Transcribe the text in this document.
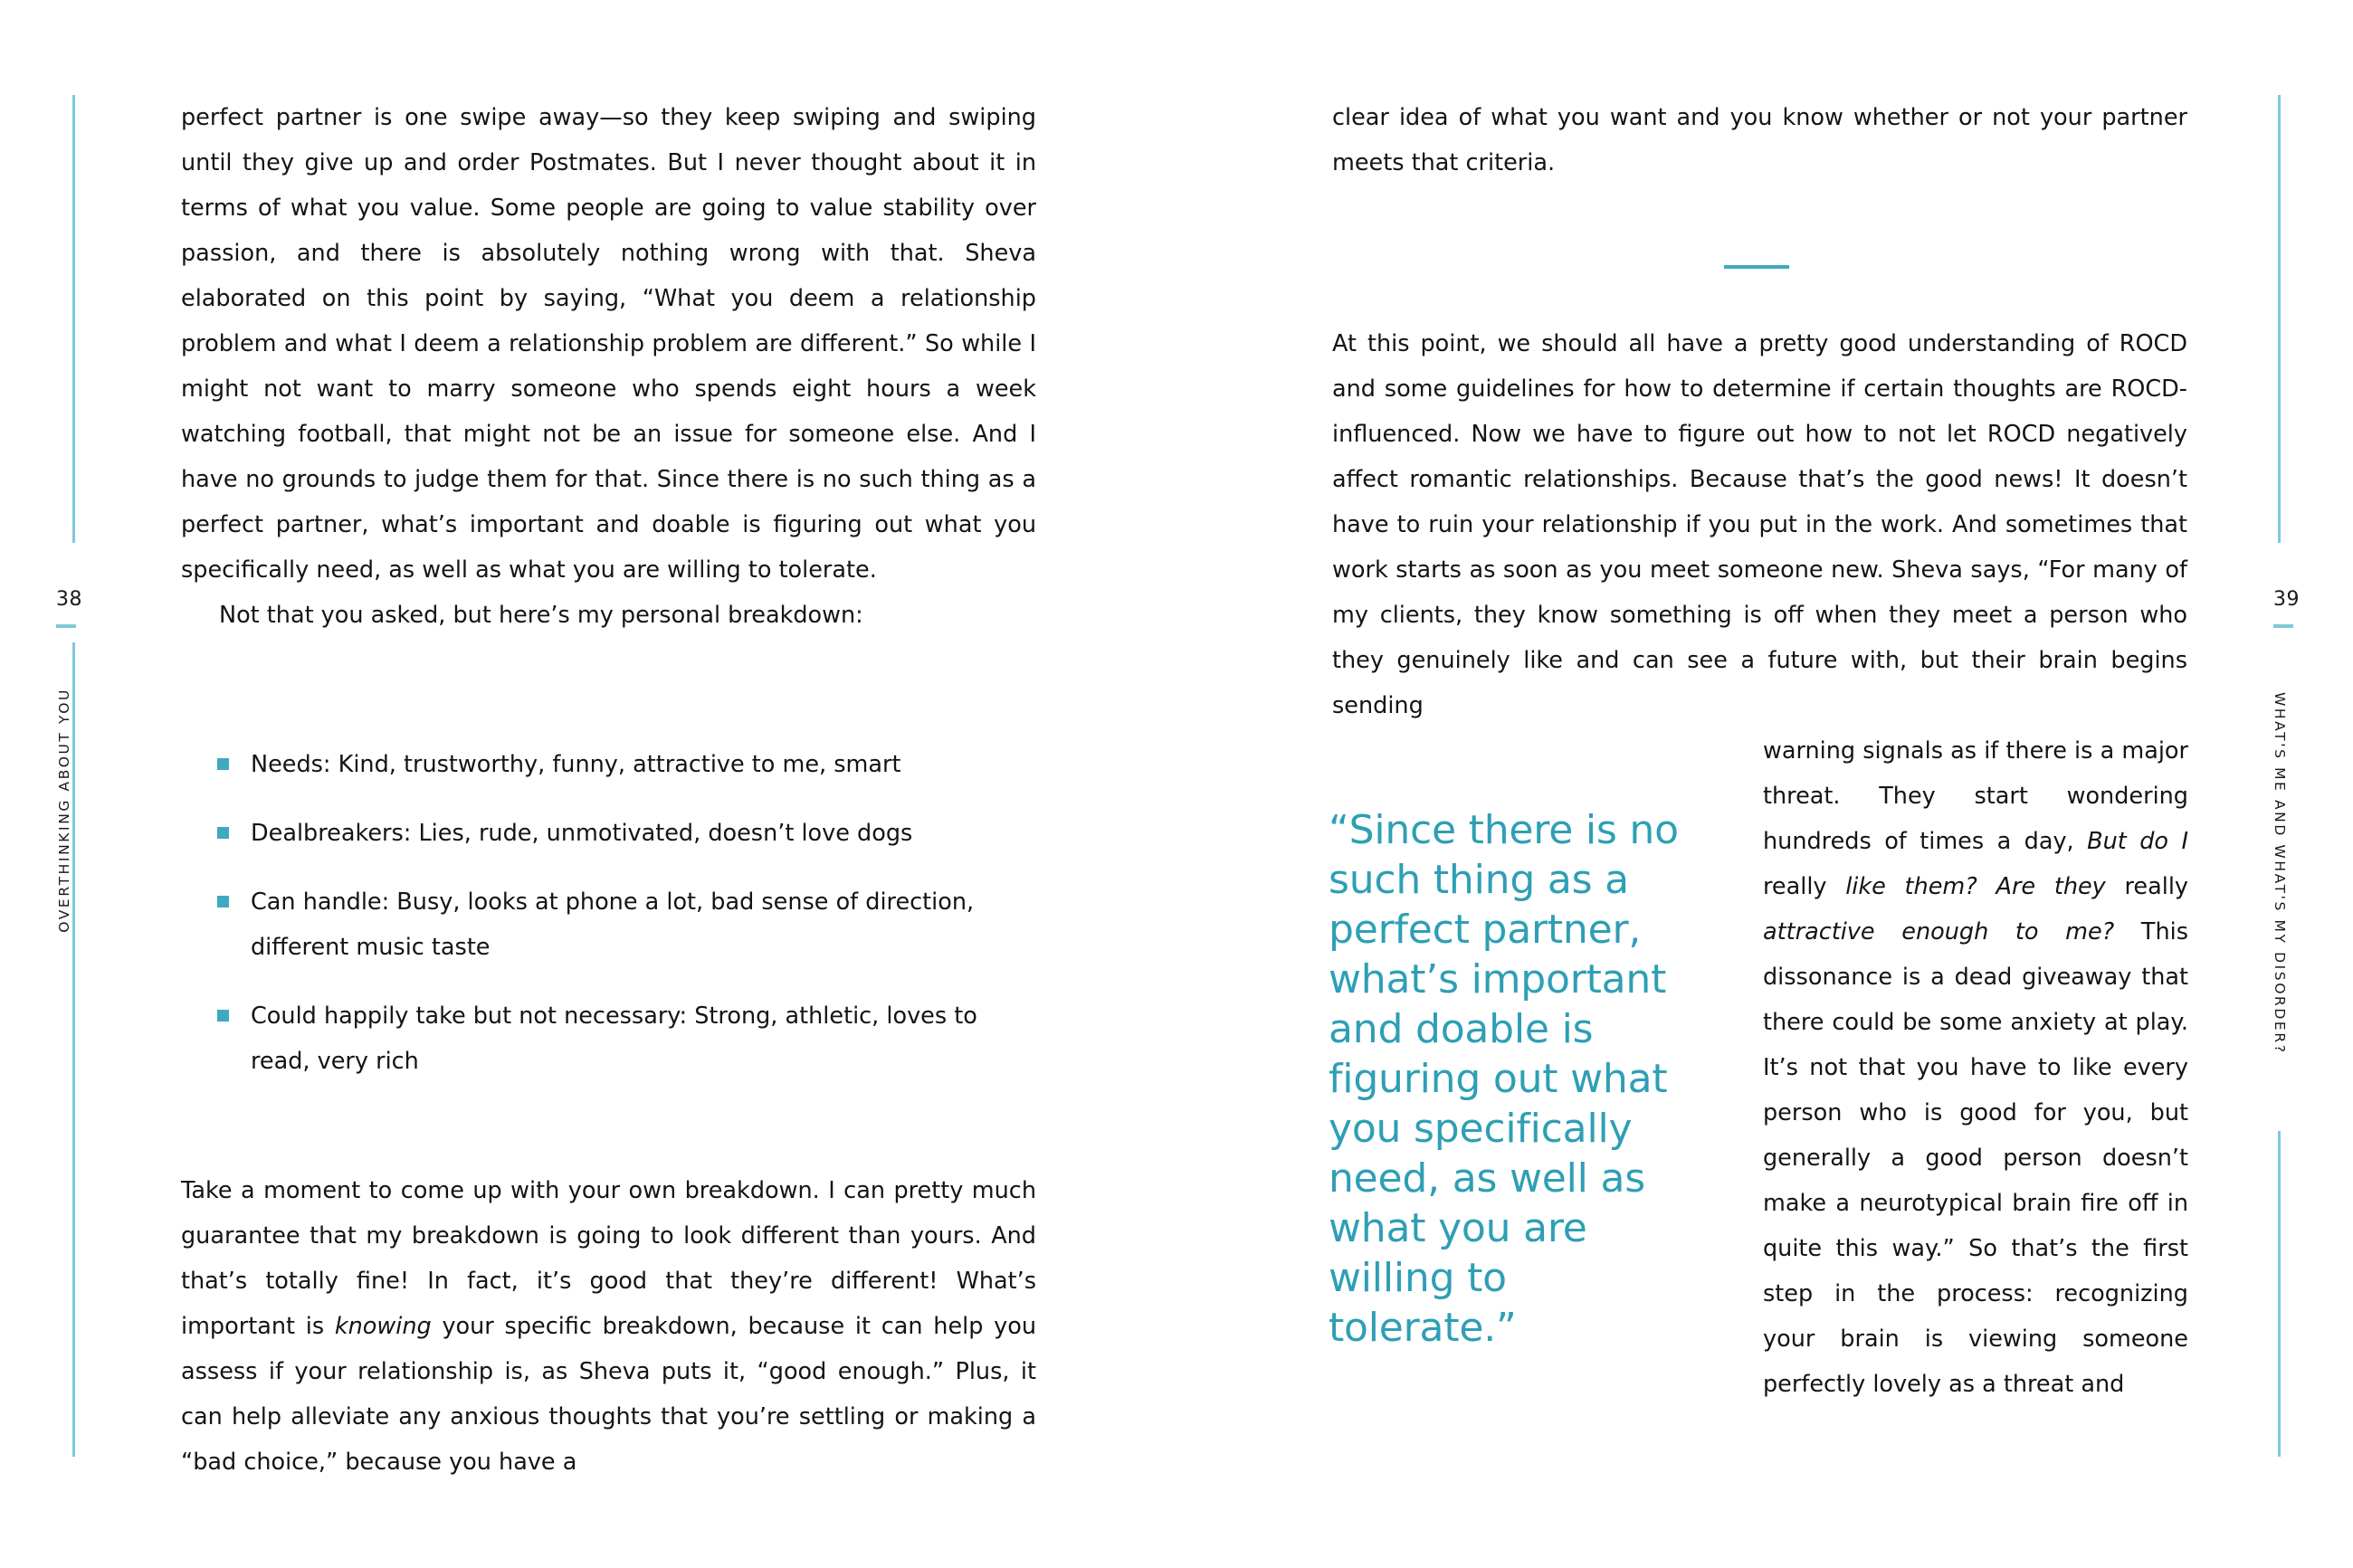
38	39
OVERTHINKING ABOUT YOU	WHAT'S ME AND WHAT'S MY DISORDER?

perfect partner is one swipe away—so they keep swiping and swiping until they give up and order Postmates. But I never thought about it in terms of what you value. Some people are going to value stability over passion, and there is absolutely nothing wrong with that. Sheva elaborated on this point by saying, “What you deem a relationship problem and what I deem a relationship problem are different.” So while I might not want to marry someone who spends eight hours a week watching football, that might not be an issue for someone else. And I have no grounds to judge them for that. Since there is no such thing as a perfect partner, what’s important and doable is figuring out what you specifically need, as well as what you are willing to tolerate.

Not that you asked, but here’s my personal breakdown:

Needs: Kind, trustworthy, funny, attractive to me, smart
Dealbreakers: Lies, rude, unmotivated, doesn’t love dogs
Can handle: Busy, looks at phone a lot, bad sense of direction, different music taste
Could happily take but not necessary: Strong, athletic, loves to read, very rich

Take a moment to come up with your own breakdown. I can pretty much guarantee that my breakdown is going to look different than yours. And that’s totally fine! In fact, it’s good that they’re different! What’s important is knowing your specific breakdown, because it can help you assess if your relationship is, as Sheva puts it, “good enough.” Plus, it can help alleviate any anxious thoughts that you’re settling or making a “bad choice,” because you have a

clear idea of what you want and you know whether or not your partner meets that criteria.

At this point, we should all have a pretty good understanding of ROCD and some guidelines for how to determine if certain thoughts are ROCD-influenced. Now we have to figure out how to not let ROCD negatively affect romantic relationships. Because that’s the good news! It doesn’t have to ruin your relationship if you put in the work. And sometimes that work starts as soon as you meet someone new. Sheva says, “For many of my clients, they know something is off when they meet a person who they genuinely like and can see a future with, but their brain begins sending

warning signals as if there is a major threat. They start wondering hundreds of times a day, But do I really like them? Are they really attractive enough to me? This dissonance is a dead giveaway that there could be some anxiety at play. It’s not that you have to like every person who is good for you, but generally a good person doesn’t make a neurotypical brain fire off in quite this way.” So that’s the first step in the process: recognizing your brain is viewing someone perfectly lovely as a threat and

“Since there is no such thing as a perfect partner, what’s important and doable is figuring out what you specifically need, as well as what you are willing to tolerate.”
